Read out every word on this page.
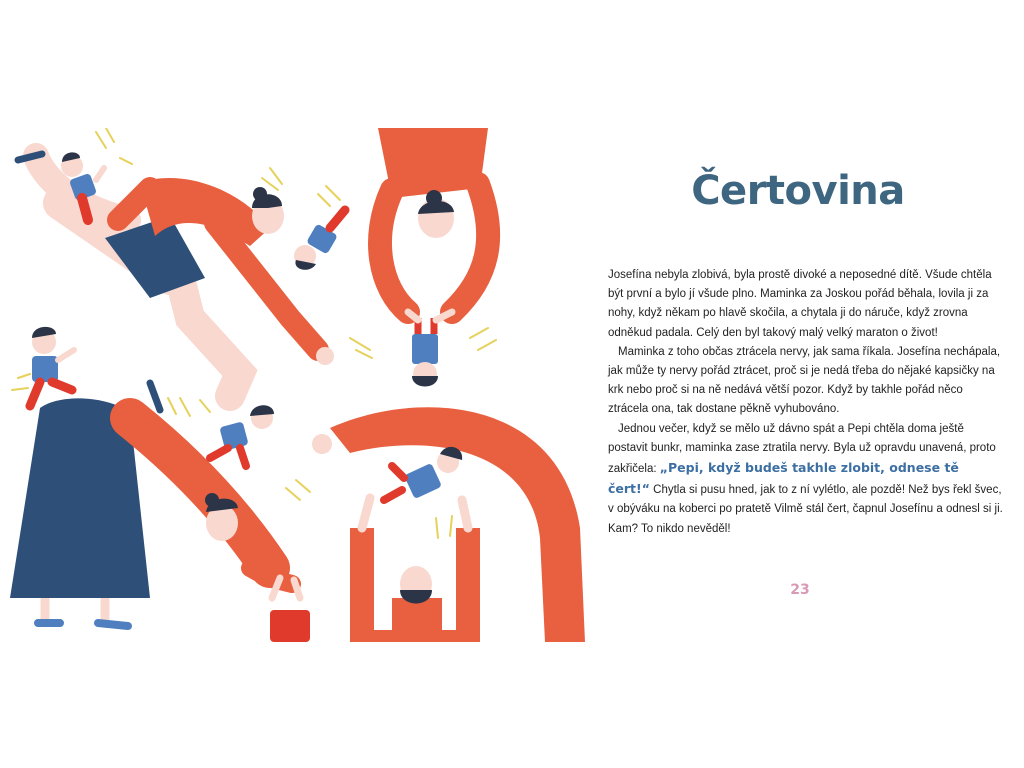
Čertovina

Josefína nebyla zlobivá, byla prostě divoké a neposedné dítě. Všude chtěla být první a bylo jí všude plno. Maminka za Joskou pořád běhala, lovila ji za nohy, když někam po hlavě skočila, a chytala ji do náruče, když zrovna odněkud padala. Celý den byl takový malý velký maraton o život!

Maminka z toho občas ztrácela nervy, jak sama říkala. Josefína nechápala, jak může ty nervy pořád ztrácet, proč si je nedá třeba do nějaké kapsičky na krk nebo proč si na ně nedává větší pozor. Když by takhle pořád něco ztrácela ona, tak dostane pěkně vyhubováno.

Jednou večer, když se mělo už dávno spát a Pepi chtěla doma ještě postavit bunkr, maminka zase ztratila nervy. Byla už opravdu unavená, proto zakřičela: „Pepi, když budeš takhle zlobit, odnese tě čert!“ Chytla si pusu hned, jak to z ní vylétlo, ale pozdě! Než bys řekl švec, v obýváku na koberci po pratetě Vilmě stál čert, čapnul Josefínu a odnesl si ji. Kam? To nikdo nevěděl!

23
